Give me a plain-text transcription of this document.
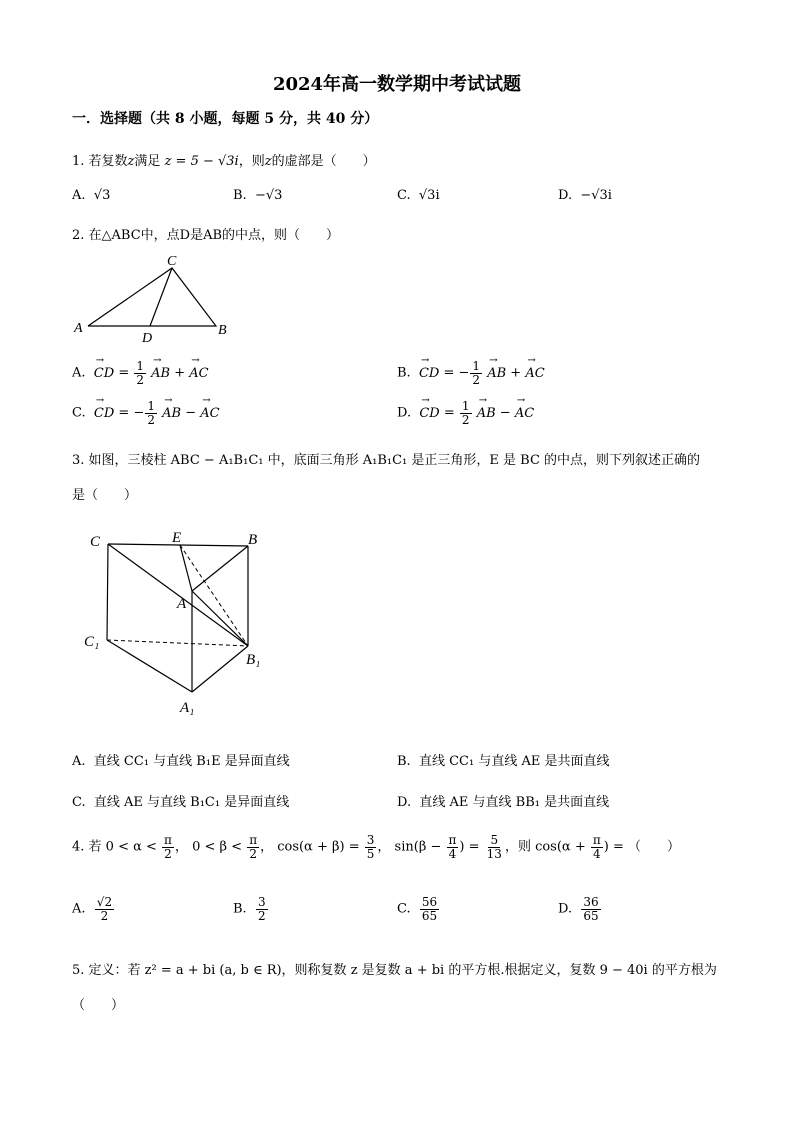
2024年高一数学期中考试试题
一．选择题（共 8 小题，每题 5 分，共 40 分）
1. 若复数z满足 z = 5 − √3i，则z的虚部是（　　）
A. √3	B. −√3	C. √3i	D. −√3i
2. 在△ABC中，点D是AB的中点，则（　　）
A
C
B
D
A. → CD = $\frac{1}{2}$ → AB + → AC	B. → CD = − $\frac{1}{2}$ → AB + → AC
C. → CD = − $\frac{1}{2}$ → AB − → AC	D. → CD = $\frac{1}{2}$ → AB − → AC
3. 如图，三棱柱 ABC − A₁B₁C₁ 中，底面三角形 A₁B₁C₁ 是正三角形，E 是 BC 的中点，则下列叙述正确的
是（　　）
C	E	B
A
C₁
B₁
A₁
A. 直线 CC₁ 与直线 B₁E 是异面直线	B. 直线 CC₁ 与直线 AE 是共面直线
C. 直线 AE 与直线 B₁C₁ 是异面直线	D. 直线 AE 与直线 BB₁ 是共面直线
4. 若 $0 < \alpha < \frac{\pi}{2}$ ， $0 < \beta < \frac{\pi}{2}$ ， $\cos(\alpha + \beta) = \frac{3}{5}$ ， $\sin(\beta - \frac{\pi}{4}$ ) = $\frac{5}{13}$ ，则 $\cos(\alpha + \frac{\pi}{4}$ ) = （　　）
A. $\frac{√2}{2}$	B. $\frac{3}{2}$	C. $\frac{56}{65}$	D. $\frac{36}{65}$
5. 定义：若 z² = a + bi (a, b ∈ R)，则称复数 z 是复数 a + bi 的平方根.根据定义，复数 9 − 40i 的平方根为
（　　）
